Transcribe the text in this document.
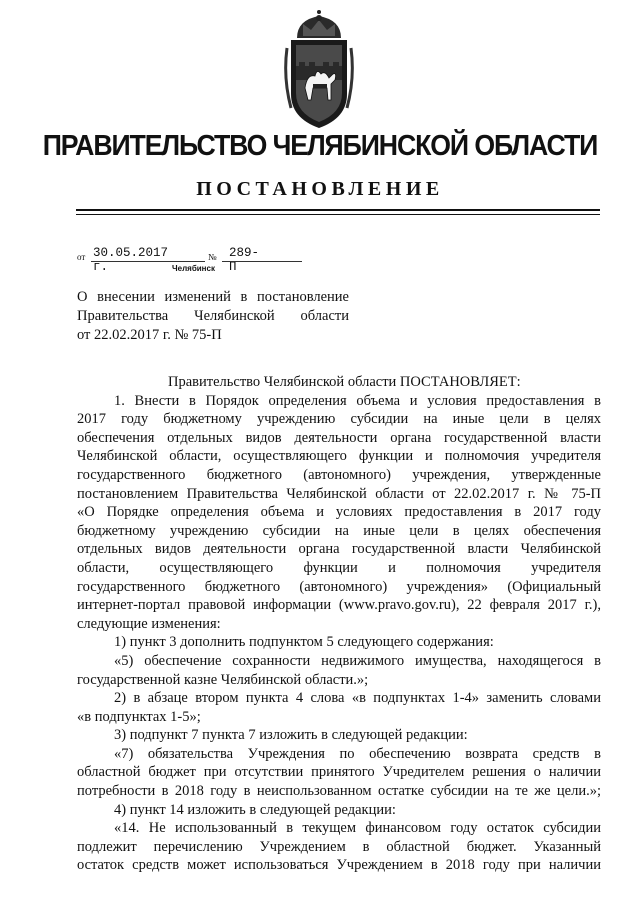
ПРАВИТЕЛЬСТВО ЧЕЛЯБИНСКОЙ ОБЛАСТИ
ПОСТАНОВЛЕНИЕ
от 30.05.2017 г.
№ 289-П
Челябинск
О внесении изменений в постановление
Правительства Челябинской области
от 22.02.2017 г. № 75-П
Правительство Челябинской области ПОСТАНОВЛЯЕТ:
1. Внести в Порядок определения объема и условия предоставления в
2017 году бюджетному учреждению субсидии на иные цели в целях
обеспечения отдельных видов деятельности органа государственной власти
Челябинской области, осуществляющего функции и полномочия учредителя
государственного бюджетного (автономного) учреждения, утвержденные
постановлением Правительства Челябинской области от 22.02.2017 г. № 75-П
«О Порядке определения объема и условиях предоставления в 2017 году
бюджетному учреждению субсидии на иные цели в целях обеспечения
отдельных видов деятельности органа государственной власти Челябинской
области, осуществляющего функции и полномочия учредителя
государственного бюджетного (автономного) учреждения» (Официальный
интернет-портал правовой информации (www.pravo.gov.ru), 22 февраля 2017 г.),
следующие изменения:
1) пункт 3 дополнить подпунктом 5 следующего содержания:
«5) обеспечение сохранности недвижимого имущества, находящегося в
государственной казне Челябинской области.»;
2) в абзаце втором пункта 4 слова «в подпунктах 1-4» заменить словами
«в подпунктах 1-5»;
3) подпункт 7 пункта 7 изложить в следующей редакции:
«7) обязательства Учреждения по обеспечению возврата средств в
областной бюджет при отсутствии принятого Учредителем решения о наличии
потребности в 2018 году в неиспользованном остатке субсидии на те же цели.»;
4) пункт 14 изложить в следующей редакции:
«14. Не использованный в текущем финансовом году остаток субсидии
подлежит перечислению Учреждением в областной бюджет. Указанный
остаток средств может использоваться Учреждением в 2018 году при наличии
